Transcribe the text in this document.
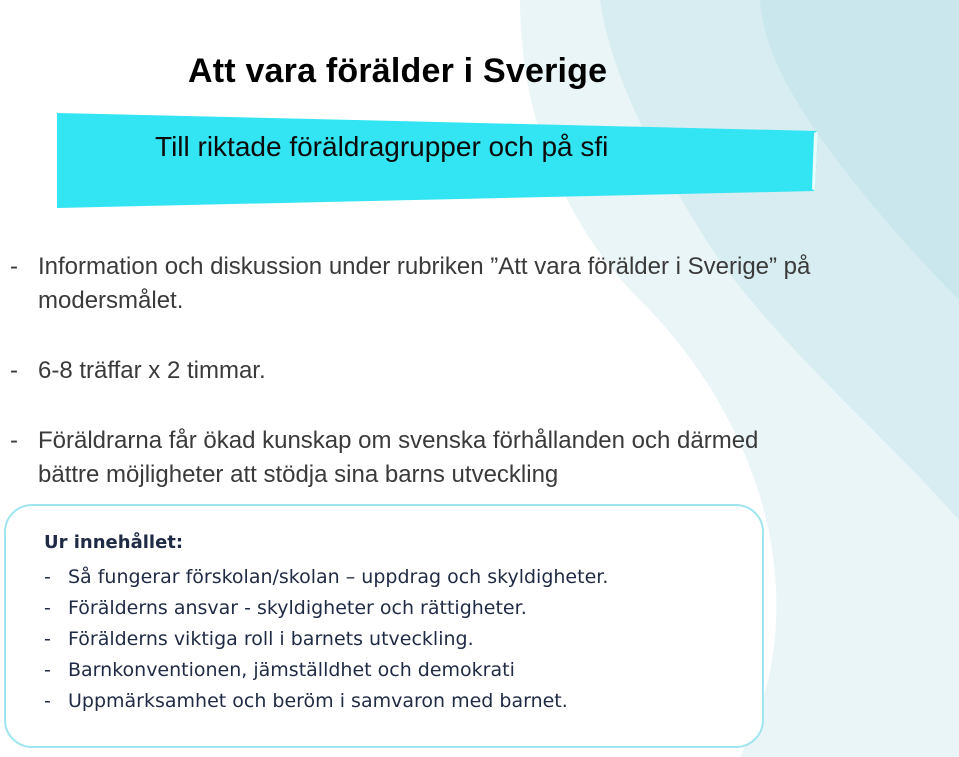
Att vara förälder i Sverige
Till riktade föräldragrupper och på sfi
- Information och diskussion under rubriken ”Att vara förälder i Sverige” på modersmålet.
- 6-8 träffar x 2 timmar.
- Föräldrarna får ökad kunskap om svenska förhållanden och därmed bättre möjligheter att stödja sina barns utveckling
Ur innehållet:
- Så fungerar förskolan/skolan – uppdrag och skyldigheter.
- Förälderns ansvar - skyldigheter och rättigheter.
- Förälderns viktiga roll i barnets utveckling.
- Barnkonventionen, jämställdhet och demokrati
- Uppmärksamhet och beröm i samvaron med barnet.
